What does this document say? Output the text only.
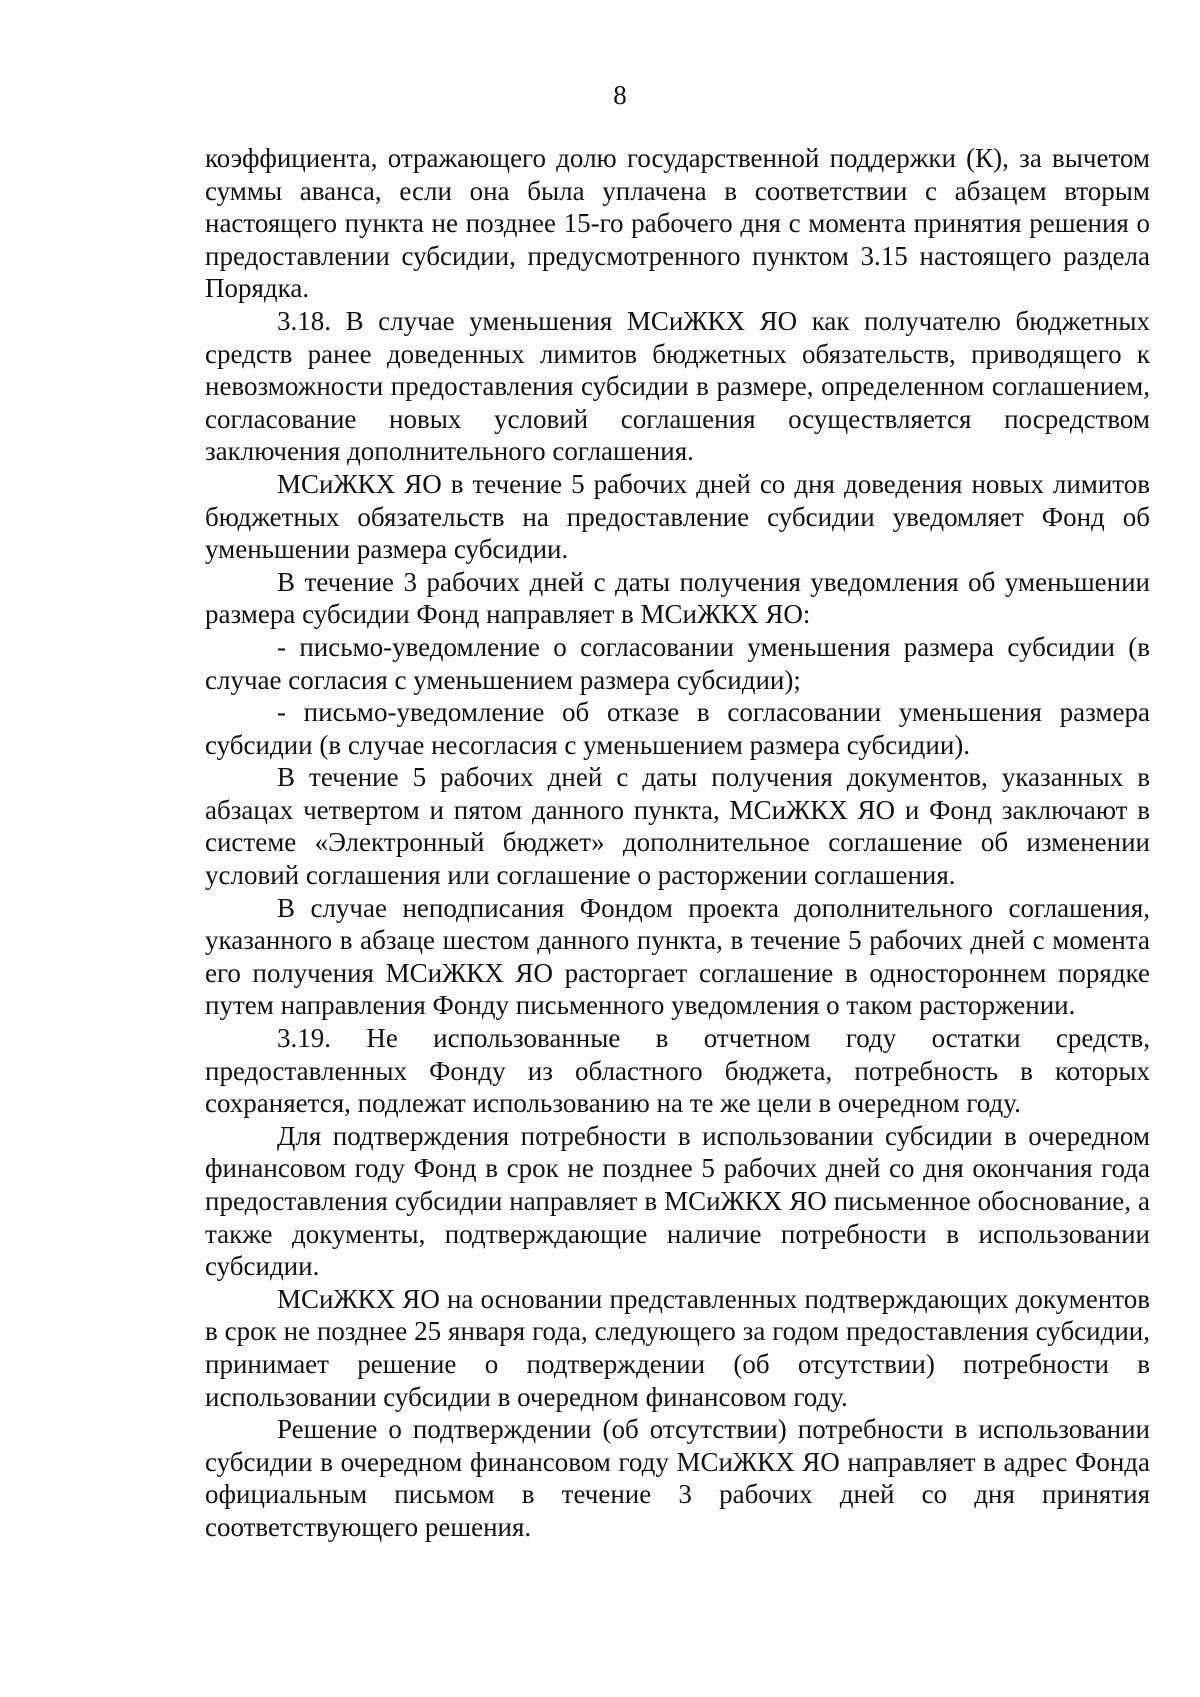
8

коэффициента, отражающего долю государственной поддержки (К), за вычетом суммы аванса, если она была уплачена в соответствии с абзацем вторым настоящего пункта не позднее 15-го рабочего дня с момента принятия решения о предоставлении субсидии, предусмотренного пунктом 3.15 настоящего раздела Порядка.

3.18. В случае уменьшения МСиЖКХ ЯО как получателю бюджетных средств ранее доведенных лимитов бюджетных обязательств, приводящего к невозможности предоставления субсидии в размере, определенном соглашением, согласование новых условий соглашения осуществляется посредством заключения дополнительного соглашения.

МСиЖКХ ЯО в течение 5 рабочих дней со дня доведения новых лимитов бюджетных обязательств на предоставление субсидии уведомляет Фонд об уменьшении размера субсидии.

В течение 3 рабочих дней с даты получения уведомления об уменьшении размера субсидии Фонд направляет в МСиЖКХ ЯО:

- письмо-уведомление о согласовании уменьшения размера субсидии (в случае согласия с уменьшением размера субсидии);

- письмо-уведомление об отказе в согласовании уменьшения размера субсидии (в случае несогласия с уменьшением размера субсидии).

В течение 5 рабочих дней с даты получения документов, указанных в абзацах четвертом и пятом данного пункта, МСиЖКХ ЯО и Фонд заключают в системе «Электронный бюджет» дополнительное соглашение об изменении условий соглашения или соглашение о расторжении соглашения.

В случае неподписания Фондом проекта дополнительного соглашения, указанного в абзаце шестом данного пункта, в течение 5 рабочих дней с момента его получения МСиЖКХ ЯО расторгает соглашение в одностороннем порядке путем направления Фонду письменного уведомления о таком расторжении.

3.19. Не использованные в отчетном году остатки средств, предоставленных Фонду из областного бюджета, потребность в которых сохраняется, подлежат использованию на те же цели в очередном году.

Для подтверждения потребности в использовании субсидии в очередном финансовом году Фонд в срок не позднее 5 рабочих дней со дня окончания года предоставления субсидии направляет в МСиЖКХ ЯО письменное обоснование, а также документы, подтверждающие наличие потребности в использовании субсидии.

МСиЖКХ ЯО на основании представленных подтверждающих документов в срок не позднее 25 января года, следующего за годом предоставления субсидии, принимает решение о подтверждении (об отсутствии) потребности в использовании субсидии в очередном финансовом году.

Решение о подтверждении (об отсутствии) потребности в использовании субсидии в очередном финансовом году МСиЖКХ ЯО направляет в адрес Фонда официальным письмом в течение 3 рабочих дней со дня принятия соответствующего решения.
